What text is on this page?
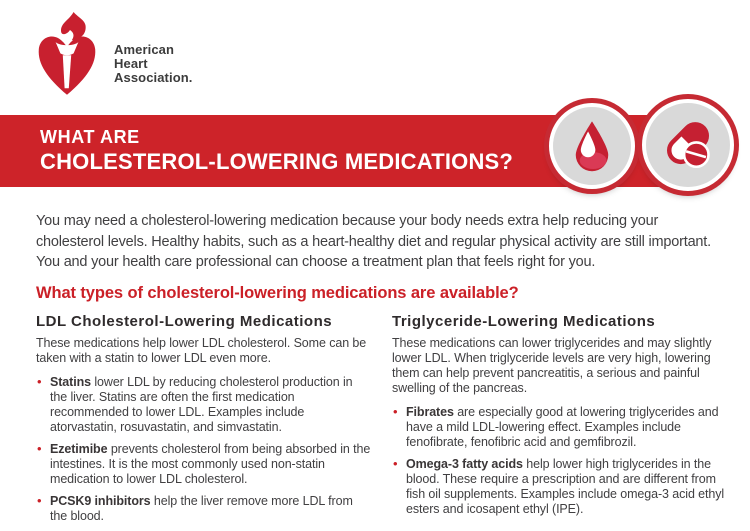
American
Heart
Association.
WHAT ARE
CHOLESTEROL-LOWERING MEDICATIONS?

You may need a cholesterol-lowering medication because your body needs extra help reducing your cholesterol levels. Healthy habits, such as a heart-healthy diet and regular physical activity are still important. You and your health care professional can choose a treatment plan that feels right for you.

What types of cholesterol-lowering medications are available?
LDL Cholesterol-Lowering Medications

These medications help lower LDL cholesterol. Some can be taken with a statin to lower LDL even more.

• Statins lower LDL by reducing cholesterol production in the liver. Statins are often the first medication recommended to lower LDL. Examples include atorvastatin, rosuvastatin, and simvastatin.
• Ezetimibe prevents cholesterol from being absorbed in the intestines. It is the most commonly used non-statin medication to lower LDL cholesterol.
• PCSK9 inhibitors help the liver remove more LDL from the blood.
Triglyceride-Lowering Medications

These medications can lower triglycerides and may slightly lower LDL. When triglyceride levels are very high, lowering them can help prevent pancreatitis, a serious and painful swelling of the pancreas.

• Fibrates are especially good at lowering triglycerides and have a mild LDL-lowering effect. Examples include fenofibrate, fenofibric acid and gemfibrozil.
• Omega-3 fatty acids help lower high triglycerides in the blood. These require a prescription and are different from fish oil supplements. Examples include omega-3 acid ethyl esters and icosapent ethyl (IPE).
